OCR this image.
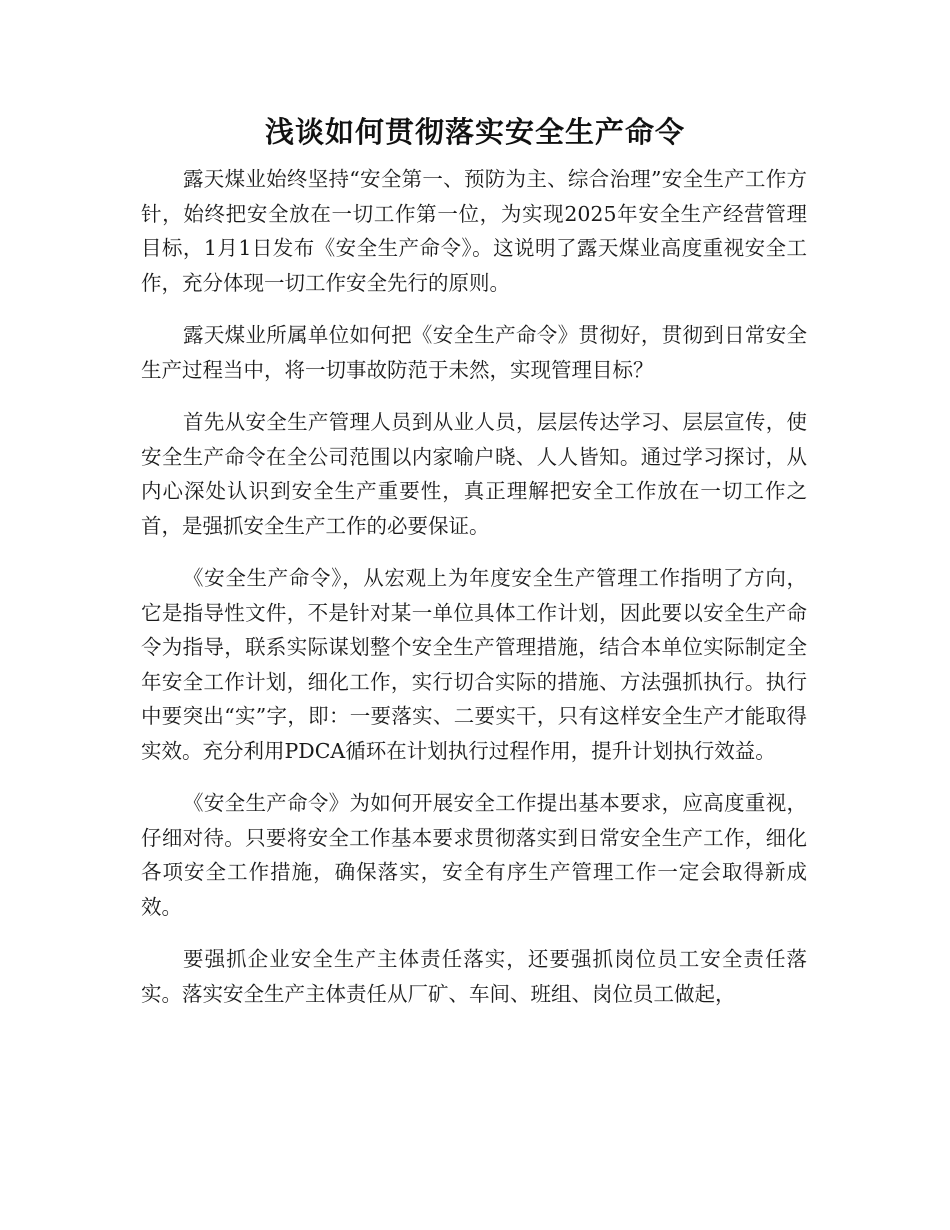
浅谈如何贯彻落实安全生产命令

露天煤业始终坚持“安全第一、预防为主、综合治理”安全生产工作方针，始终把安全放在一切工作第一位，为实现2025年安全生产经营管理目标，1月1日发布《安全生产命令》。这说明了露天煤业高度重视安全工作，充分体现一切工作安全先行的原则。

露天煤业所属单位如何把《安全生产命令》贯彻好，贯彻到日常安全生产过程当中，将一切事故防范于未然，实现管理目标？

首先从安全生产管理人员到从业人员，层层传达学习、层层宣传，使安全生产命令在全公司范围以内家喻户晓、人人皆知。通过学习探讨，从内心深处认识到安全生产重要性，真正理解把安全工作放在一切工作之首，是强抓安全生产工作的必要保证。

《安全生产命令》，从宏观上为年度安全生产管理工作指明了方向，它是指导性文件，不是针对某一单位具体工作计划，因此要以安全生产命令为指导，联系实际谋划整个安全生产管理措施，结合本单位实际制定全年安全工作计划，细化工作，实行切合实际的措施、方法强抓执行。执行中要突出“实”字，即：一要落实、二要实干，只有这样安全生产才能取得实效。充分利用PDCA循环在计划执行过程作用，提升计划执行效益。

《安全生产命令》为如何开展安全工作提出基本要求，应高度重视，仔细对待。只要将安全工作基本要求贯彻落实到日常安全生产工作，细化各项安全工作措施，确保落实，安全有序生产管理工作一定会取得新成效。

要强抓企业安全生产主体责任落实，还要强抓岗位员工安全责任落实。落实安全生产主体责任从厂矿、车间、班组、岗位员工做起，
